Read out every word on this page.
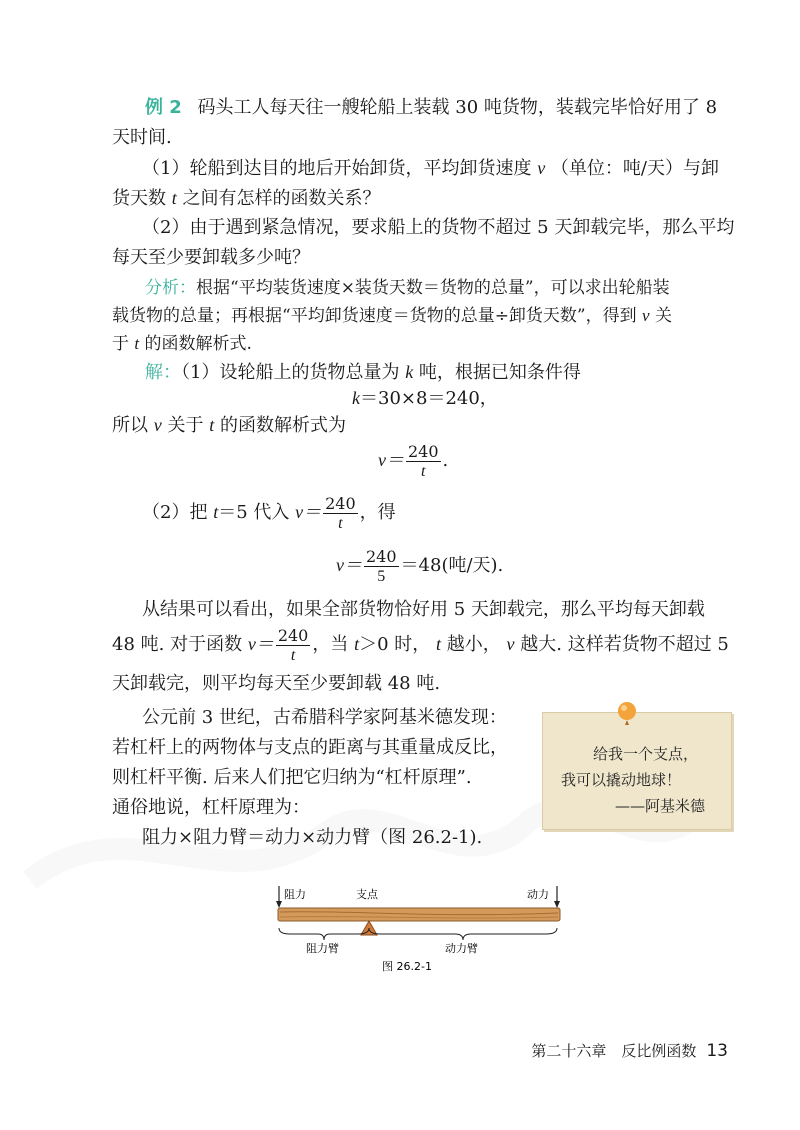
例 2 码头工人每天往一艘轮船上装载 30 吨货物，装载完毕恰好用了 8
天时间.
（1）轮船到达目的地后开始卸货，平均卸货速度 v （单位：吨/天）与卸
货天数 t 之间有怎样的函数关系？
（2）由于遇到紧急情况，要求船上的货物不超过 5 天卸载完毕，那么平均
每天至少要卸载多少吨？
分析：根据“平均装货速度×装货天数＝货物的总量”，可以求出轮船装
载货物的总量；再根据“平均卸货速度＝货物的总量÷卸货天数”，得到 v 关
于 t 的函数解析式.
解：（1）设轮船上的货物总量为 k 吨，根据已知条件得
k＝30×8＝240，
所以 v 关于 t 的函数解析式为
$v= \frac{240}{t}$ .
（2）把 t＝5 代入 $v= \frac{240}{t}$ ，得
$v= \frac{240}{5} =48$(吨/天).
从结果可以看出，如果全部货物恰好用 5 天卸载完，那么平均每天卸载
48 吨. 对于函数 $v= \frac{240}{t}$ ，当 t＞0 时， t 越小， v 越大. 这样若货物不超过 5
天卸载完，则平均每天至少要卸载 48 吨.
公元前 3 世纪，古希腊科学家阿基米德发现：
若杠杆上的两物体与支点的距离与其重量成反比，
则杠杆平衡. 后来人们把它归纳为“杠杆原理”.
通俗地说，杠杆原理为：
阻力×阻力臂＝动力×动力臂（图 26.2-1).
给我一个支点，
我可以撬动地球！
——阿基米德
阻力	支点	动力
阻力臂	动力臂
图 26.2-1
第二十六章　反比例函数 13
